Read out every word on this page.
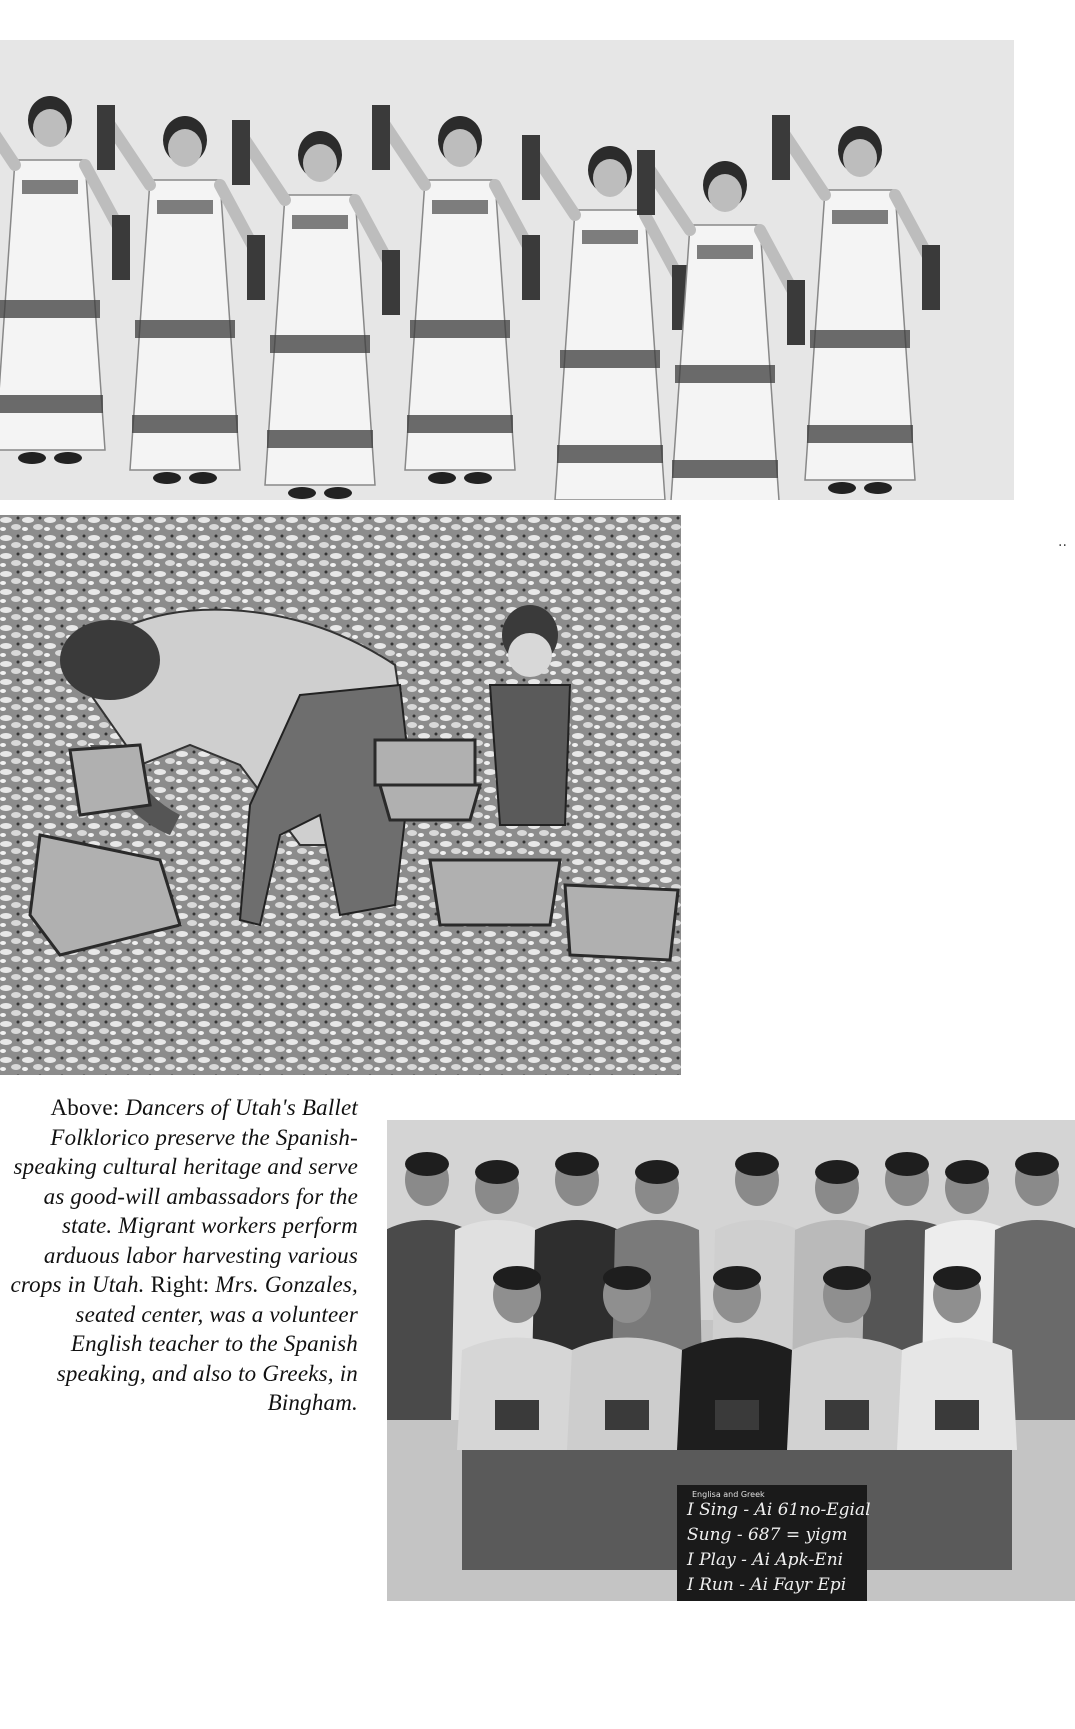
Above: Dancers of Utah's Ballet Folklorico preserve the Spanish-speaking cultural heritage and serve as good-will ambassadors for the state. Migrant workers perform arduous labor harvesting various crops in Utah. Right: Mrs. Gonzales, seated center, was a volunteer English teacher to the Spanish speaking, and also to Greeks, in Bingham.
Englisa and Greek
I Sing - Ai 61no-Egial
Sung - 687 = yigm
I Play - Ai Apk-Eni
I Run - Ai Fayr Epi
··
